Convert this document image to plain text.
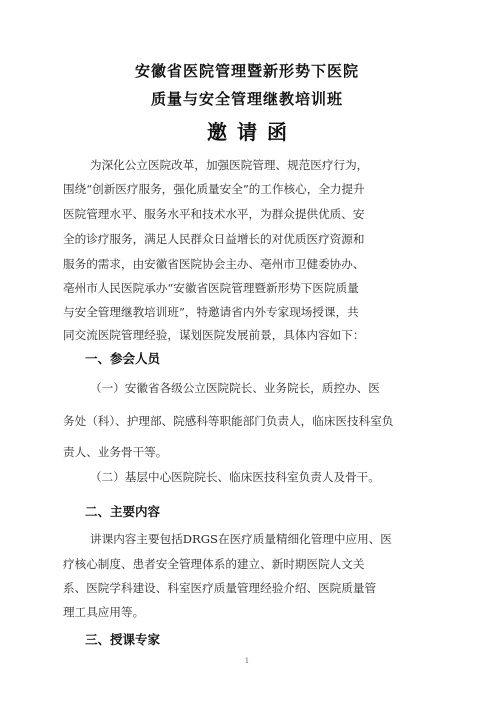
安徽省医院管理暨新形势下医院
质量与安全管理继教培训班
邀请函
为深化公立医院改革，加强医院管理、规范医疗行为，
围绕“创新医疗服务，强化质量安全”的工作核心，全力提升
医院管理水平、服务水平和技术水平，为群众提供优质、安
全的诊疗服务，满足人民群众日益增长的对优质医疗资源和
服务的需求，由安徽省医院协会主办、亳州市卫健委协办、
亳州市人民医院承办“安徽省医院管理暨新形势下医院质量
与安全管理继教培训班”，特邀请省内外专家现场授课，共
同交流医院管理经验，谋划医院发展前景，具体内容如下：
一、参会人员
（一）安徽省各级公立医院院长、业务院长，质控办、医
务处（科）、护理部、院感科等职能部门负责人，临床医技科室负
责人、业务骨干等。
（二）基层中心医院院长、临床医技科室负责人及骨干。
二、主要内容
讲课内容主要包括DRGS在医疗质量精细化管理中应用、医
疗核心制度、患者安全管理体系的建立、新时期医院人文关
系、医院学科建设、科室医疗质量管理经验介绍、医院质量管
理工具应用等。
三、授课专家
1
